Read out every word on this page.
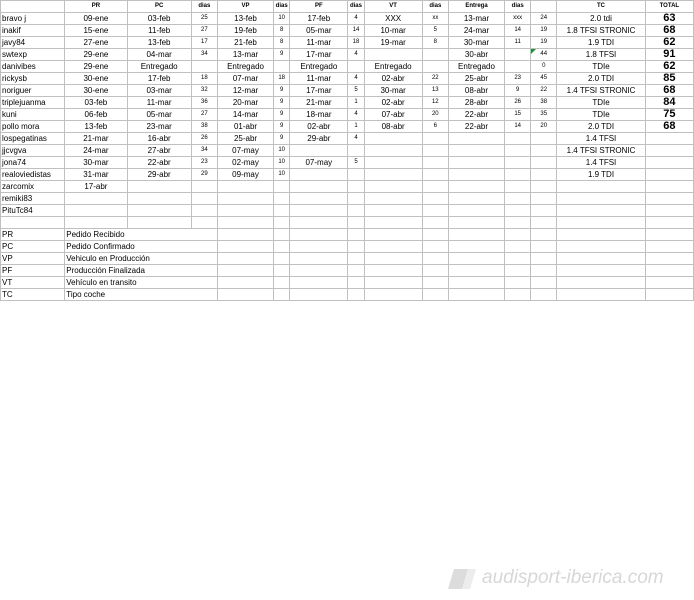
	PR	PC	dias	VP	dias	PF	dias	VT	dias	Entrega	dias		TC	TOTAL
bravo j	09-ene	03-feb	25	13-feb	10	17-feb	4	XXX	xx	13-mar	xxx	24	2.0 tdi	63
inakif	15-ene	11-feb	27	19-feb	8	05-mar	14	10-mar	5	24-mar	14	19	1.8 TFSI STRONIC	68
javy84	27-ene	13-feb	17	21-feb	8	11-mar	18	19-mar	8	30-mar	11	19	1.9 TDI	62
swtexp	29-ene	04-mar	34	13-mar	9	17-mar	4			30-abr		44	1.8 TFSI	91
danivibes	29-ene	Entregado		Entregado		Entregado		Entregado		Entregado		0	TDIe	62
rickysb	30-ene	17-feb	18	07-mar	18	11-mar	4	02-abr	22	25-abr	23	45	2.0 TDI	85
noriguer	30-ene	03-mar	32	12-mar	9	17-mar	5	30-mar	13	08-abr	9	22	1.4 TFSI STRONIC	68
triplejuanma	03-feb	11-mar	36	20-mar	9	21-mar	1	02-abr	12	28-abr	26	38	TDIe	84
kuni	06-feb	05-mar	27	14-mar	9	18-mar	4	07-abr	20	22-abr	15	35	TDIe	75
pollo mora	13-feb	23-mar	38	01-abr	9	02-abr	1	08-abr	6	22-abr	14	20	2.0 TDI	68
lospegatinas	21-mar	16-abr	26	25-abr	9	29-abr	4						1.4 TFSI	
jjcvgva	24-mar	27-abr	34	07-may	10								1.4 TFSI STRONIC	
jona74	30-mar	22-abr	23	02-may	10	07-may	5						1.4 TFSI	
realoviedistas	31-mar	29-abr	29	09-may	10								1.9 TDI	
zarcomix	17-abr													
remiki83														
PituTc84														

PR	Pedido Recibido													
PC	Pedido Confirmado													
VP	Vehiculo en Producción													
PF	Producción Finalizada													
VT	Vehículo en transito													
TC	Tipo coche													
audisport-iberica.com
